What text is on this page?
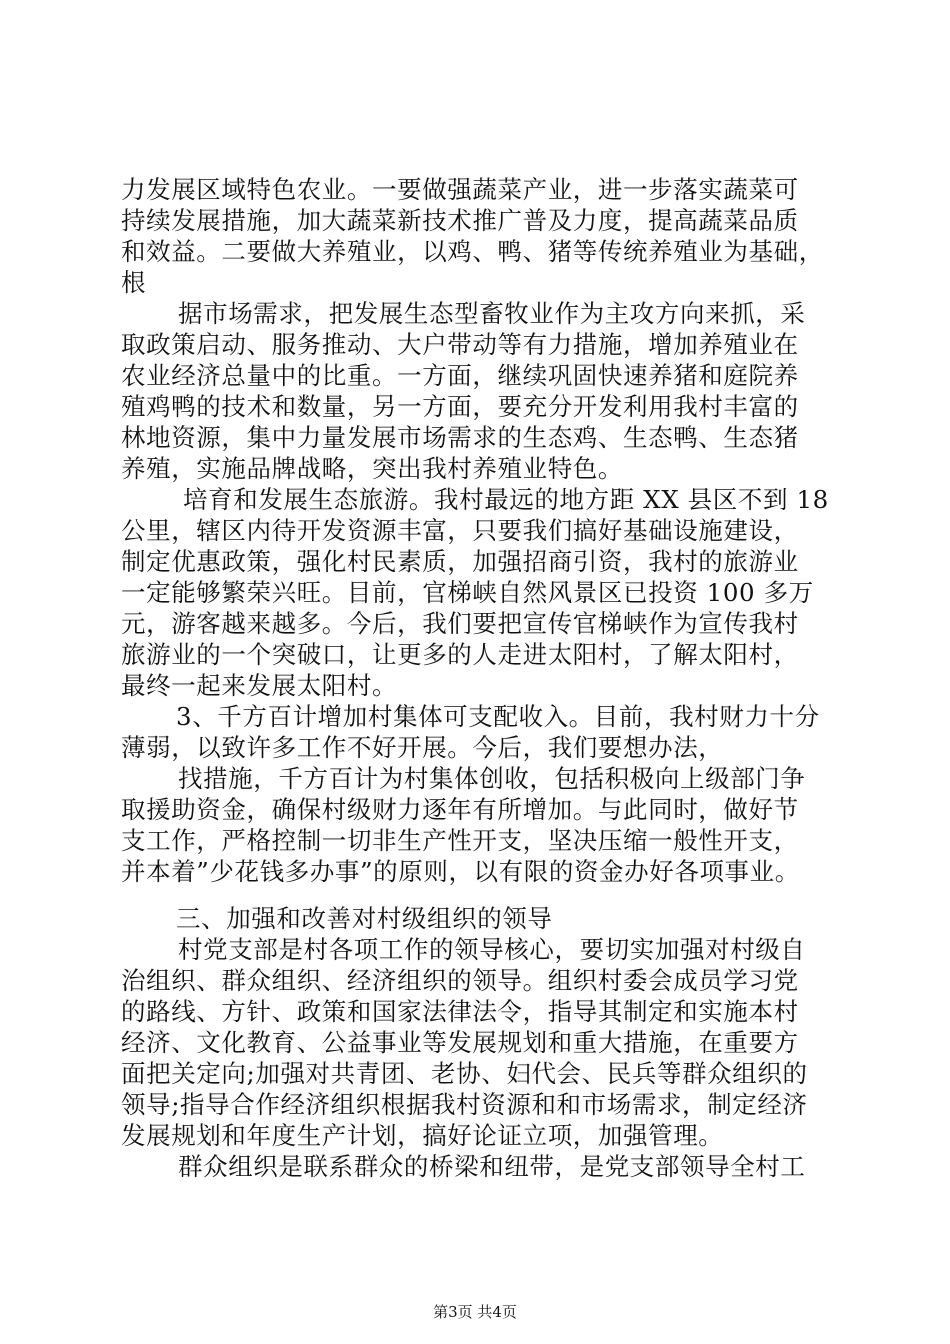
力发展区域特色农业。一要做强蔬菜产业，进一步落实蔬菜可
持续发展措施，加大蔬菜新技术推广普及力度，提高蔬菜品质
和效益。二要做大养殖业，以鸡、鸭、猪等传统养殖业为基础，
根
据市场需求，把发展生态型畜牧业作为主攻方向来抓，采
取政策启动、服务推动、大户带动等有力措施，增加养殖业在
农业经济总量中的比重。一方面，继续巩固快速养猪和庭院养
殖鸡鸭的技术和数量，另一方面，要充分开发利用我村丰富的
林地资源，集中力量发展市场需求的生态鸡、生态鸭、生态猪
养殖，实施品牌战略，突出我村养殖业特色。
培育和发展生态旅游。我村最远的地方距 XX 县区不到 18
公里，辖区内待开发资源丰富，只要我们搞好基础设施建设，
制定优惠政策，强化村民素质，加强招商引资，我村的旅游业
一定能够繁荣兴旺。目前，官梯峡自然风景区已投资 100 多万
元，游客越来越多。今后，我们要把宣传官梯峡作为宣传我村
旅游业的一个突破口，让更多的人走进太阳村，了解太阳村，
最终一起来发展太阳村。
3、千方百计增加村集体可支配收入。目前，我村财力十分
薄弱，以致许多工作不好开展。今后，我们要想办法，
找措施，千方百计为村集体创收，包括积极向上级部门争
取援助资金，确保村级财力逐年有所增加。与此同时，做好节
支工作，严格控制一切非生产性开支，坚决压缩一般性开支，
并本着”少花钱多办事”的原则，以有限的资金办好各项事业。
三、加强和改善对村级组织的领导
村党支部是村各项工作的领导核心，要切实加强对村级自
治组织、群众组织、经济组织的领导。组织村委会成员学习党
的路线、方针、政策和国家法律法令，指导其制定和实施本村
经济、文化教育、公益事业等发展规划和重大措施，在重要方
面把关定向;加强对共青团、老协、妇代会、民兵等群众组织的
领导;指导合作经济组织根据我村资源和和市场需求，制定经济
发展规划和年度生产计划，搞好论证立项，加强管理。
群众组织是联系群众的桥梁和纽带，是党支部领导全村工
第3页 共4页
